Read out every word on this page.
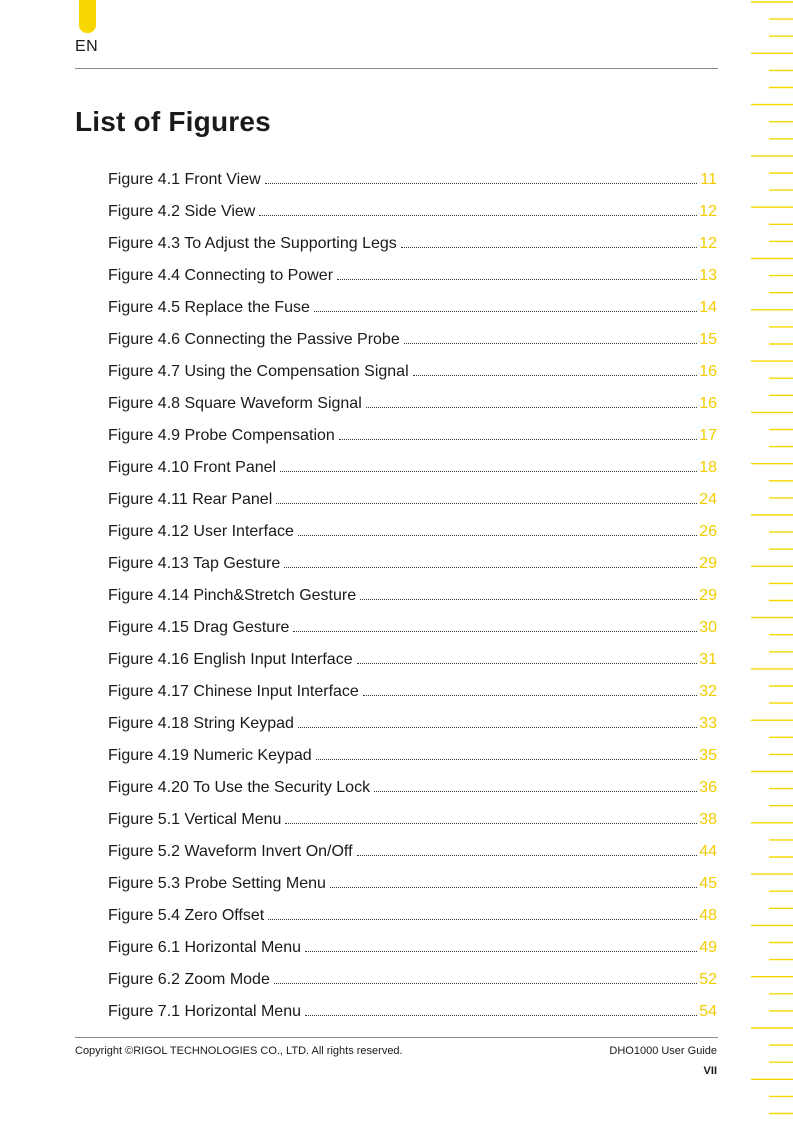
EN
List of Figures
Figure 4.1 Front View	11
Figure 4.2 Side View	12
Figure 4.3 To Adjust the Supporting Legs	12
Figure 4.4 Connecting to Power	13
Figure 4.5 Replace the Fuse	14
Figure 4.6 Connecting the Passive Probe	15
Figure 4.7 Using the Compensation Signal	16
Figure 4.8 Square Waveform Signal	16
Figure 4.9 Probe Compensation	17
Figure 4.10 Front Panel	18
Figure 4.11 Rear Panel	24
Figure 4.12 User Interface	26
Figure 4.13 Tap Gesture	29
Figure 4.14 Pinch&Stretch Gesture	29
Figure 4.15 Drag Gesture	30
Figure 4.16 English Input Interface	31
Figure 4.17 Chinese Input Interface	32
Figure 4.18 String Keypad	33
Figure 4.19 Numeric Keypad	35
Figure 4.20 To Use the Security Lock	36
Figure 5.1 Vertical Menu	38
Figure 5.2 Waveform Invert On/Off	44
Figure 5.3 Probe Setting Menu	45
Figure 5.4 Zero Offset	48
Figure 6.1 Horizontal Menu	49
Figure 6.2 Zoom Mode	52
Figure 7.1 Horizontal Menu	54
Copyright ©RIGOL TECHNOLOGIES CO., LTD. All rights reserved.	DHO1000 User Guide
VII
